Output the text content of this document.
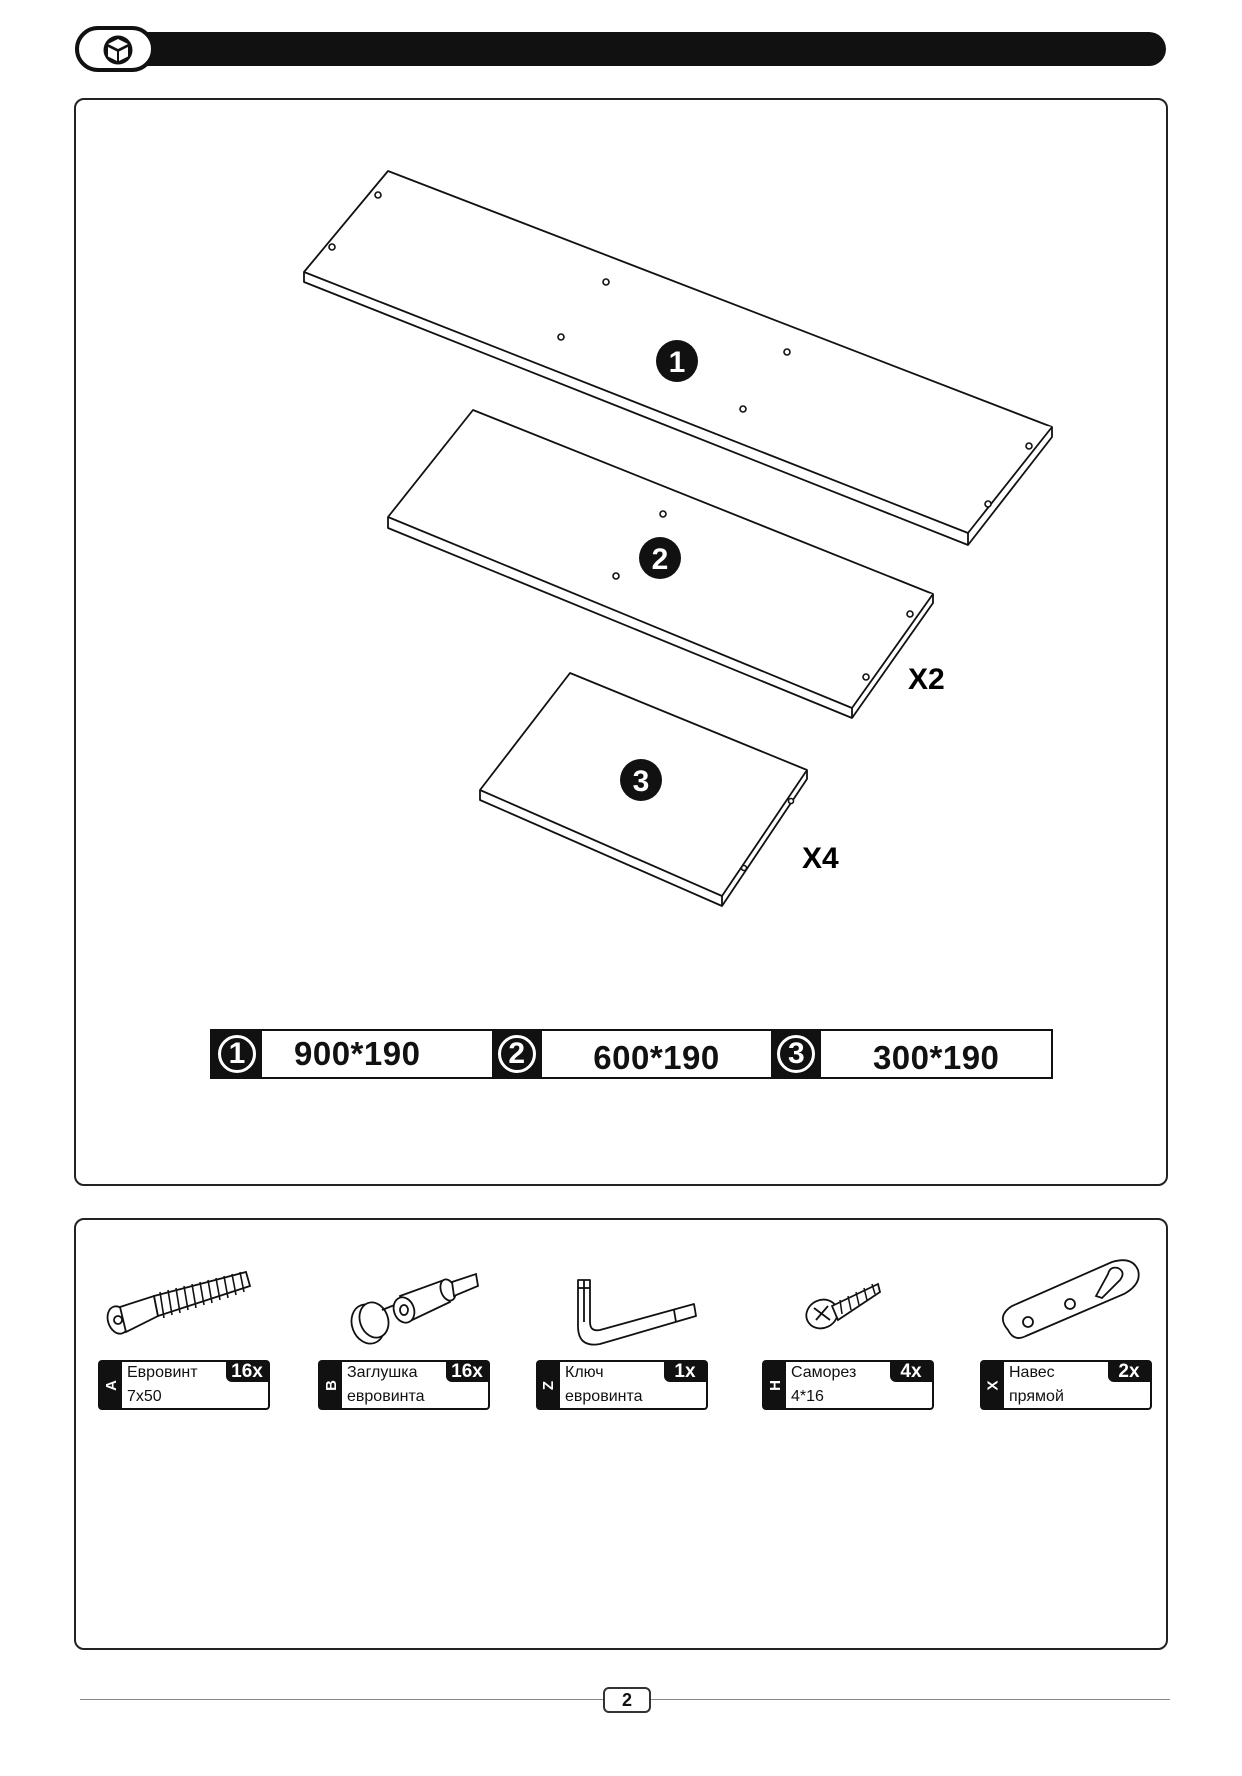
1
2
3
X2
X4
1	900*190	2	600*190	3	300*190
A
Евровинт
7x50
16x
B
Заглушка
евровинта
16x
Z
Ключ
евровинта
1x
H
Саморез
4*16
4x
X
Навес
прямой
2x
2
